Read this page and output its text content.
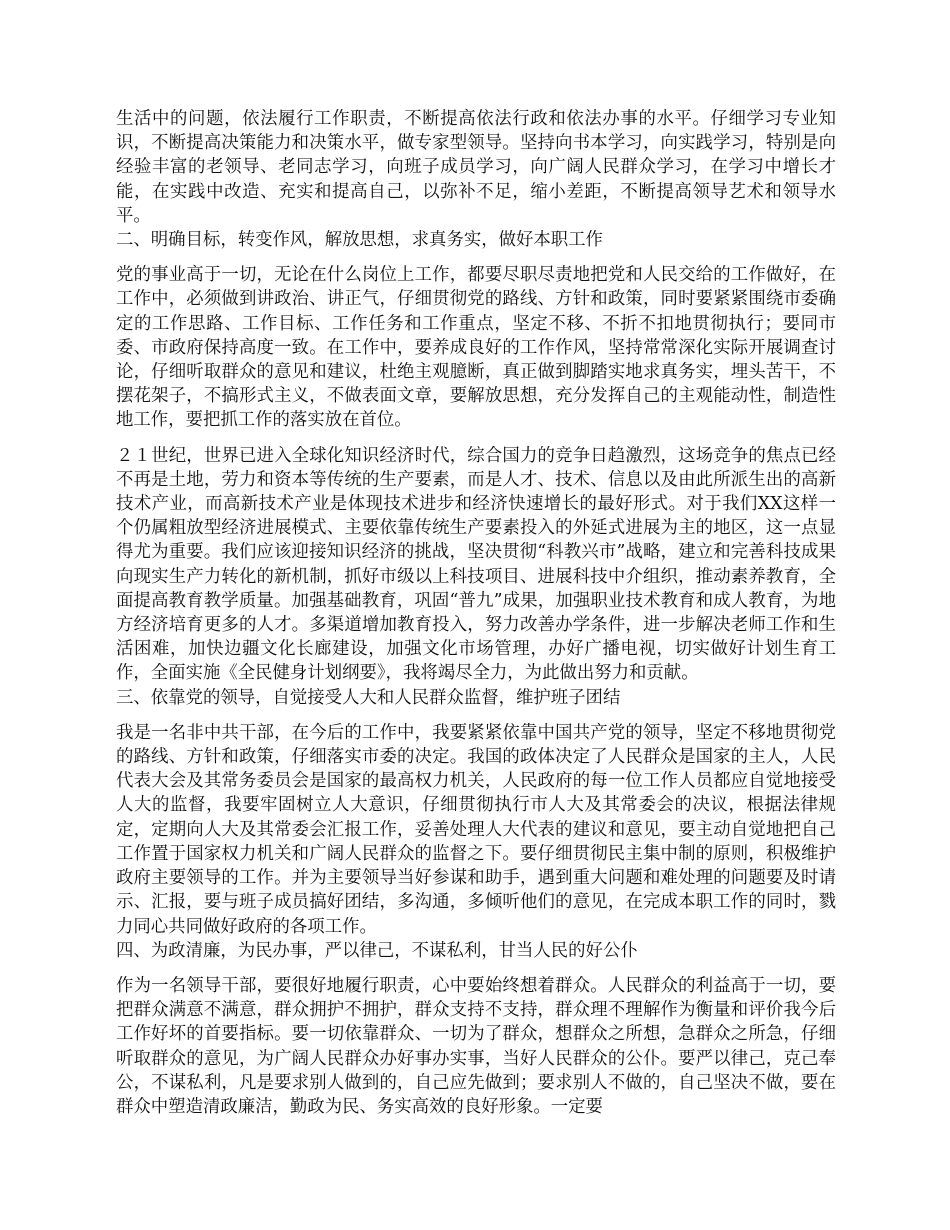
生活中的问题，依法履行工作职责，不断提高依法行政和依法办事的水平。仔细学习专业知识，不断提高决策能力和决策水平，做专家型领导。坚持向书本学习，向实践学习，特别是向经验丰富的老领导、老同志学习，向班子成员学习，向广阔人民群众学习，在学习中增长才能，在实践中改造、充实和提高自己，以弥补不足，缩小差距，不断提高领导艺术和领导水平。

二、明确目标，转变作风，解放思想，求真务实，做好本职工作

党的事业高于一切，无论在什么岗位上工作，都要尽职尽责地把党和人民交给的工作做好，在工作中，必须做到讲政治、讲正气，仔细贯彻党的路线、方针和政策，同时要紧紧围绕市委确定的工作思路、工作目标、工作任务和工作重点，坚定不移、不折不扣地贯彻执行；要同市委、市政府保持高度一致。在工作中，要养成良好的工作作风，坚持常常深化实际开展调查讨论，仔细听取群众的意见和建议，杜绝主观臆断，真正做到脚踏实地求真务实，埋头苦干，不摆花架子，不搞形式主义，不做表面文章，要解放思想，充分发挥自己的主观能动性，制造性地工作，要把抓工作的落实放在首位。

２１世纪，世界已进入全球化知识经济时代，综合国力的竞争日趋激烈，这场竞争的焦点已经不再是土地，劳力和资本等传统的生产要素，而是人才、技术、信息以及由此所派生出的高新技术产业，而高新技术产业是体现技术进步和经济快速增长的最好形式。对于我们XX这样一个仍属粗放型经济进展模式、主要依靠传统生产要素投入的外延式进展为主的地区，这一点显得尤为重要。我们应该迎接知识经济的挑战，坚决贯彻“科教兴市”战略，建立和完善科技成果向现实生产力转化的新机制，抓好市级以上科技项目、进展科技中介组织，推动素养教育，全面提高教育教学质量。加强基础教育，巩固“普九”成果，加强职业技术教育和成人教育，为地方经济培育更多的人才。多渠道增加教育投入，努力改善办学条件，进一步解决老师工作和生活困难，加快边疆文化长廊建设，加强文化市场管理，办好广播电视，切实做好计划生育工作，全面实施《全民健身计划纲要》，我将竭尽全力，为此做出努力和贡献。

三、依靠党的领导，自觉接受人大和人民群众监督，维护班子团结

我是一名非中共干部，在今后的工作中，我要紧紧依靠中国共产党的领导，坚定不移地贯彻党的路线、方针和政策，仔细落实市委的决定。我国的政体决定了人民群众是国家的主人，人民代表大会及其常务委员会是国家的最高权力机关，人民政府的每一位工作人员都应自觉地接受人大的监督，我要牢固树立人大意识，仔细贯彻执行市人大及其常委会的决议，根据法律规定，定期向人大及其常委会汇报工作，妥善处理人大代表的建议和意见，要主动自觉地把自己工作置于国家权力机关和广阔人民群众的监督之下。要仔细贯彻民主集中制的原则，积极维护政府主要领导的工作。并为主要领导当好参谋和助手，遇到重大问题和难处理的问题要及时请示、汇报，要与班子成员搞好团结，多沟通，多倾听他们的意见，在完成本职工作的同时，戮力同心共同做好政府的各项工作。

四、为政清廉，为民办事，严以律己，不谋私利，甘当人民的好公仆

作为一名领导干部，要很好地履行职责，心中要始终想着群众。人民群众的利益高于一切，要把群众满意不满意，群众拥护不拥护，群众支持不支持，群众理不理解作为衡量和评价我今后工作好坏的首要指标。要一切依靠群众、一切为了群众，想群众之所想，急群众之所急，仔细听取群众的意见，为广阔人民群众办好事办实事，当好人民群众的公仆。要严以律己，克己奉公，不谋私利，凡是要求别人做到的，自己应先做到；要求别人不做的，自己坚决不做，要在群众中塑造清政廉洁，勤政为民、务实高效的良好形象。一定要
